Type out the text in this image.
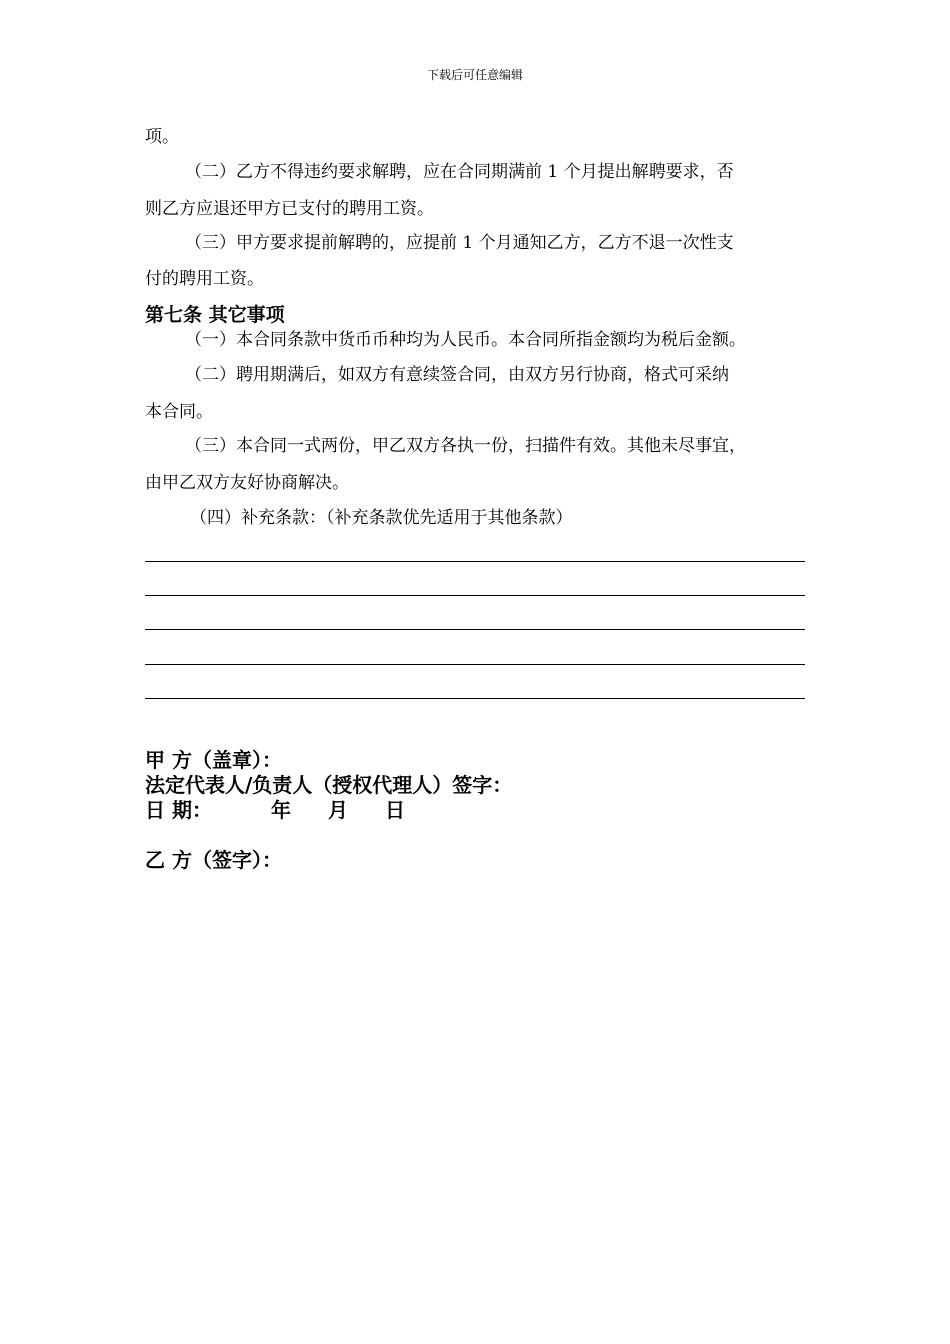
下载后可任意编辑
项。
（二）乙方不得违约要求解聘，应在合同期满前 1 个月提出解聘要求，否
则乙方应退还甲方已支付的聘用工资。
（三）甲方要求提前解聘的，应提前 1 个月通知乙方，乙方不退一次性支
付的聘用工资。
第七条 其它事项
（一）本合同条款中货币币种均为人民币。本合同所指金额均为税后金额。
（二）聘用期满后，如双方有意续签合同，由双方另行协商，格式可采纳
本合同。
（三）本合同一式两份，甲乙双方各执一份，扫描件有效。其他未尽事宜，
由甲乙双方友好协商解决。
（四）补充条款：（补充条款优先适用于其他条款）
甲 方（盖章）：
法定代表人/负责人（授权代理人）签字：
日 期：	年 月 日
乙 方（签字）：
